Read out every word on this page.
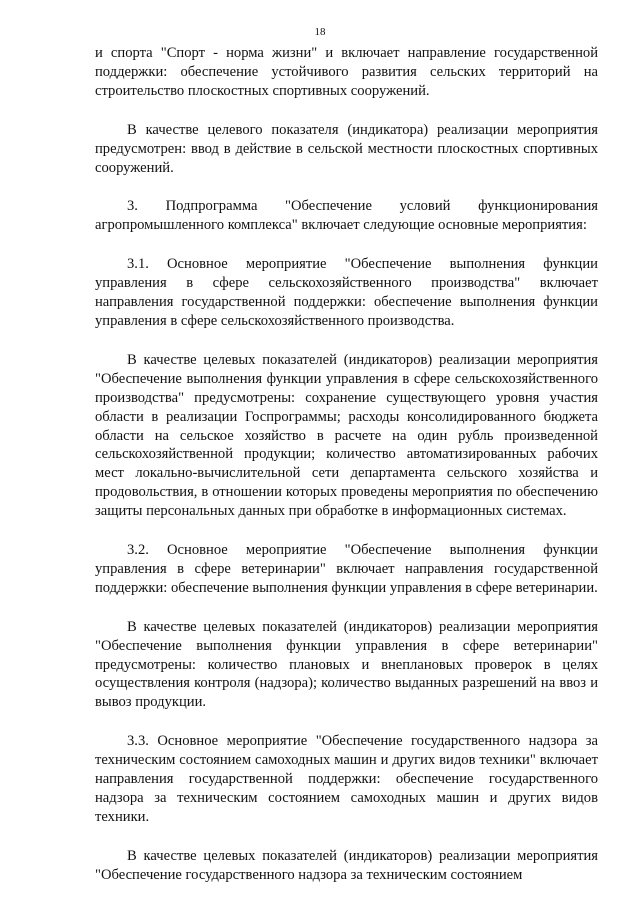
18

и спорта "Спорт - норма жизни" и включает направление государственной поддержки: обеспечение устойчивого развития сельских территорий на строительство плоскостных спортивных сооружений.

В качестве целевого показателя (индикатора) реализации мероприятия предусмотрен: ввод в действие в сельской местности плоскостных спортивных сооружений.

3. Подпрограмма "Обеспечение условий функционирования агропромышленного комплекса" включает следующие основные мероприятия:

3.1. Основное мероприятие "Обеспечение выполнения функции управления в сфере сельскохозяйственного производства" включает направления государственной поддержки: обеспечение выполнения функции управления в сфере сельскохозяйственного производства.

В качестве целевых показателей (индикаторов) реализации мероприятия "Обеспечение выполнения функции управления в сфере сельскохозяйственного производства" предусмотрены: сохранение существующего уровня участия области в реализации Госпрограммы; расходы консолидированного бюджета области на сельское хозяйство в расчете на один рубль произведенной сельскохозяйственной продукции; количество автоматизированных рабочих мест локально-вычислительной сети департамента сельского хозяйства и продовольствия, в отношении которых проведены мероприятия по обеспечению защиты персональных данных при обработке в информационных системах.

3.2. Основное мероприятие "Обеспечение выполнения функции управления в сфере ветеринарии" включает направления государственной поддержки: обеспечение выполнения функции управления в сфере ветеринарии.

В качестве целевых показателей (индикаторов) реализации мероприятия "Обеспечение выполнения функции управления в сфере ветеринарии" предусмотрены: количество плановых и внеплановых проверок в целях осуществления контроля (надзора); количество выданных разрешений на ввоз и вывоз продукции.

3.3. Основное мероприятие "Обеспечение государственного надзора за техническим состоянием самоходных машин и других видов техники" включает направления государственной поддержки: обеспечение государственного надзора за техническим состоянием самоходных машин и других видов техники.

В качестве целевых показателей (индикаторов) реализации мероприятия "Обеспечение государственного надзора за техническим состоянием
